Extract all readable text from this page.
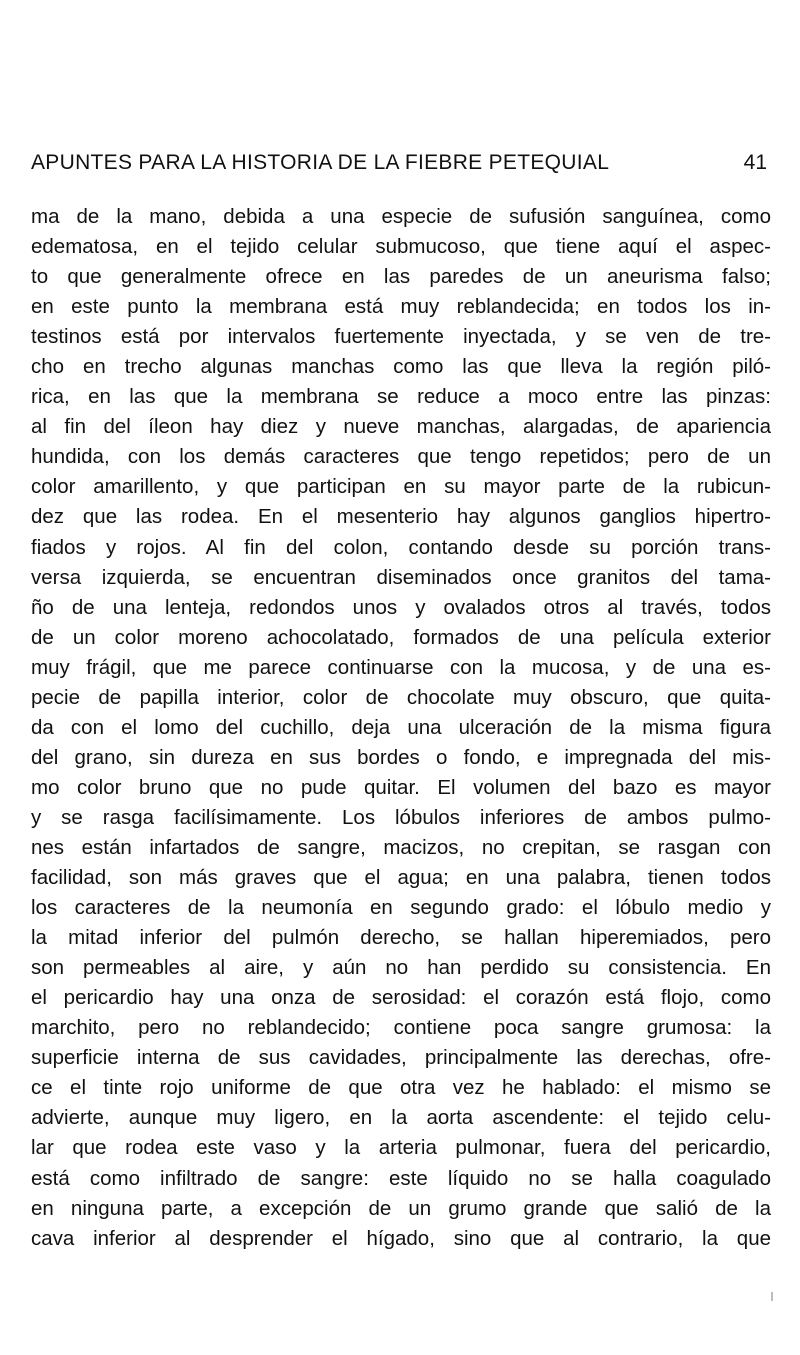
APUNTES PARA LA HISTORIA DE LA FIEBRE PETEQUIAL	41
ma de la mano, debida a una especie de sufusión sanguínea, como
edematosa, en el tejido celular submucoso, que tiene aquí el aspec-
to que generalmente ofrece en las paredes de un aneurisma falso;
en este punto la membrana está muy reblandecida; en todos los in-
testinos está por intervalos fuertemente inyectada, y se ven de tre-
cho en trecho algunas manchas como las que lleva la región piló-
rica, en las que la membrana se reduce a moco entre las pinzas:
al fin del íleon hay diez y nueve manchas, alargadas, de apariencia
hundida, con los demás caracteres que tengo repetidos; pero de un
color amarillento, y que participan en su mayor parte de la rubicun-
dez que las rodea. En el mesenterio hay algunos ganglios hipertro-
fiados y rojos. Al fin del colon, contando desde su porción trans-
versa izquierda, se encuentran diseminados once granitos del tama-
ño de una lenteja, redondos unos y ovalados otros al través, todos
de un color moreno achocolatado, formados de una película exterior
muy frágil, que me parece continuarse con la mucosa, y de una es-
pecie de papilla interior, color de chocolate muy obscuro, que quita-
da con el lomo del cuchillo, deja una ulceración de la misma figura
del grano, sin dureza en sus bordes o fondo, e impregnada del mis-
mo color bruno que no pude quitar. El volumen del bazo es mayor
y se rasga facilísimamente. Los lóbulos inferiores de ambos pulmo-
nes están infartados de sangre, macizos, no crepitan, se rasgan con
facilidad, son más graves que el agua; en una palabra, tienen todos
los caracteres de la neumonía en segundo grado: el lóbulo medio y
la mitad inferior del pulmón derecho, se hallan hiperemiados, pero
son permeables al aire, y aún no han perdido su consistencia. En
el pericardio hay una onza de serosidad: el corazón está flojo, como
marchito, pero no reblandecido; contiene poca sangre grumosa: la
superficie interna de sus cavidades, principalmente las derechas, ofre-
ce el tinte rojo uniforme de que otra vez he hablado: el mismo se
advierte, aunque muy ligero, en la aorta ascendente: el tejido celu-
lar que rodea este vaso y la arteria pulmonar, fuera del pericardio,
está como infiltrado de sangre: este líquido no se halla coagulado
en ninguna parte, a excepción de un grumo grande que salió de la
cava inferior al desprender el hígado, sino que al contrario, la que
